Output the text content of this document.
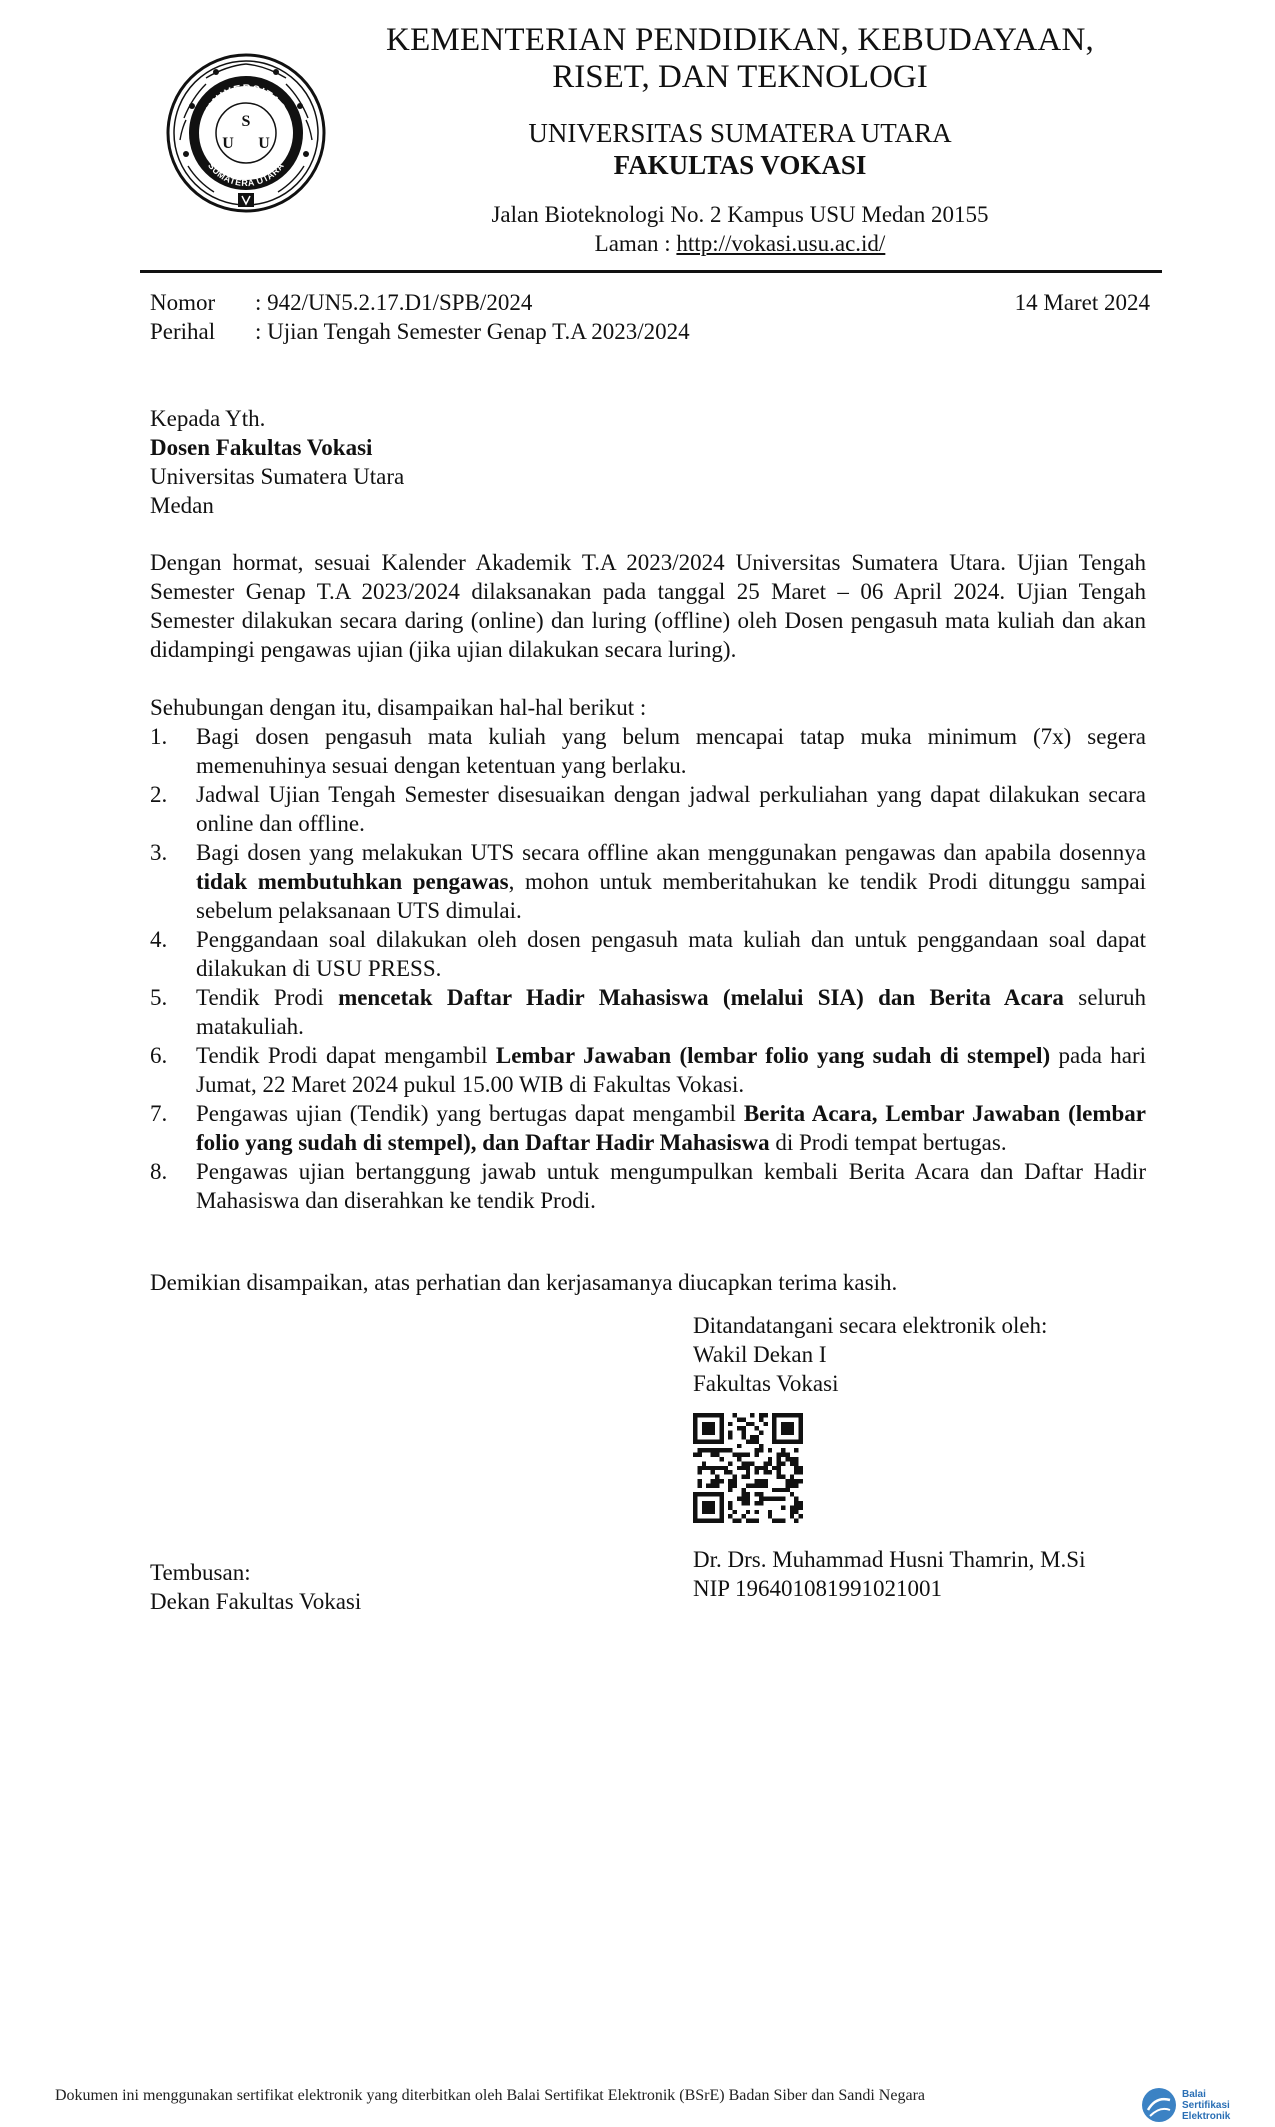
UNIVERSITAS
SUMATERA UTARA
S
U U
KEMENTERIAN PENDIDIKAN, KEBUDAYAAN,
RISET, DAN TEKNOLOGI
UNIVERSITAS SUMATERA UTARA
FAKULTAS VOKASI
Jalan Bioteknologi No. 2 Kampus USU Medan 20155
Laman : http://vokasi.usu.ac.id/
Nomor	: 942/UN5.2.17.D1/SPB/2024
Perihal	: Ujian Tengah Semester Genap T.A 2023/2024
14 Maret 2024
Kepada Yth.
Dosen Fakultas Vokasi
Universitas Sumatera Utara
Medan
Dengan hormat, sesuai Kalender Akademik T.A 2023/2024 Universitas Sumatera Utara. Ujian Tengah Semester Genap T.A 2023/2024 dilaksanakan pada tanggal 25 Maret – 06 April 2024. Ujian Tengah Semester dilakukan secara daring (online) dan luring (offline) oleh Dosen pengasuh mata kuliah dan akan didampingi pengawas ujian (jika ujian dilakukan secara luring).
Sehubungan dengan itu, disampaikan hal-hal berikut :
1.	Bagi dosen pengasuh mata kuliah yang belum mencapai tatap muka minimum (7x) segera memenuhinya sesuai dengan ketentuan yang berlaku.
2.	Jadwal Ujian Tengah Semester disesuaikan dengan jadwal perkuliahan yang dapat dilakukan secara online dan offline.
3.	Bagi dosen yang melakukan UTS secara offline akan menggunakan pengawas dan apabila dosennya tidak membutuhkan pengawas, mohon untuk memberitahukan ke tendik Prodi ditunggu sampai sebelum pelaksanaan UTS dimulai.
4.	Penggandaan soal dilakukan oleh dosen pengasuh mata kuliah dan untuk penggandaan soal dapat dilakukan di USU PRESS.
5.	Tendik Prodi mencetak Daftar Hadir Mahasiswa (melalui SIA) dan Berita Acara seluruh matakuliah.
6.	Tendik Prodi dapat mengambil Lembar Jawaban (lembar folio yang sudah di stempel) pada hari Jumat, 22 Maret 2024 pukul 15.00 WIB di Fakultas Vokasi.
7.	Pengawas ujian (Tendik) yang bertugas dapat mengambil Berita Acara, Lembar Jawaban (lembar folio yang sudah di stempel), dan Daftar Hadir Mahasiswa di Prodi tempat bertugas.
8.	Pengawas ujian bertanggung jawab untuk mengumpulkan kembali Berita Acara dan Daftar Hadir Mahasiswa dan diserahkan ke tendik Prodi.
Demikian disampaikan, atas perhatian dan kerjasamanya diucapkan terima kasih.
Ditandatangani secara elektronik oleh:
Wakil Dekan I
Fakultas Vokasi
Dr. Drs. Muhammad Husni Thamrin, M.Si
NIP 196401081991021001
Tembusan:
Dekan Fakultas Vokasi
Dokumen ini menggunakan sertifikat elektronik yang diterbitkan oleh Balai Sertifikat Elektronik (BSrE) Badan Siber dan Sandi Negara	Balai
Sertifikasi
Elektronik
